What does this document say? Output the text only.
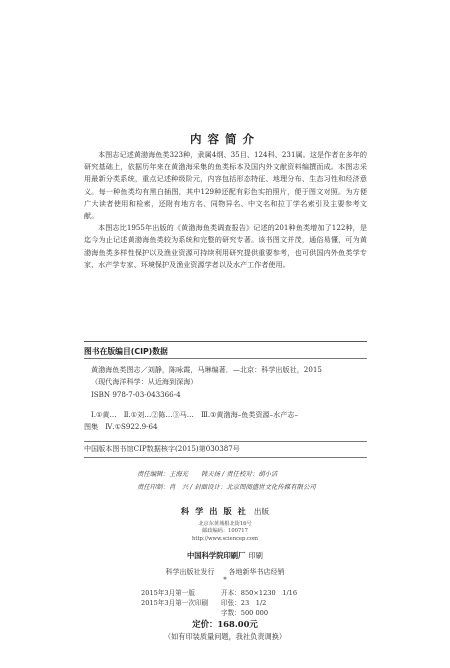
内容简介

本图志记述黄渤海鱼类323种，隶属4纲、35目、124科、231属。这是作者在多年的研究基础上，依据历年来在黄渤海采集的鱼类标本及国内外文献资料编撰而成。本图志采用最新分类系统，重点记述种级阶元，内容包括形态特征、地理分布、生态习性和经济意义。每一种鱼类均有黑白插图，其中129种还配有彩色实拍照片，便于图文对照。为方便广大读者使用和检索，还附有地方名、同物异名、中文名和拉丁学名索引及主要参考文献。

本图志比1955年出版的《黄渤海鱼类调查报告》记述的201种鱼类增加了122种，是迄今为止记述黄渤海鱼类较为系统和完整的研究专著。该书图文并茂，通俗易懂，可为黄渤海鱼类多样性保护以及渔业资源可持续利用研究提供重要参考，也可供国内外鱼类学专家、水产学专家、环境保护及渔业资源学者以及水产工作者使用。

图书在版编目(CIP)数据
黄渤海鱼类图志／刘静，陈咏霞，马琳编著．—北京：科学出版社，2015
（现代海洋科学：从近海到深海）
ISBN 978-7-03-043366-4
Ⅰ.①黄…　Ⅱ.①刘…②陈…③马…　Ⅲ.①黄渤海–鱼类资源–水产志–
图集　Ⅳ.①S922.9-64
中国版本图书馆CIP数据核字(2015)第030387号
责任编辑：王海光　　韩天扬 / 责任校对：胡小洁
责任印制：肖　兴 / 封面设计：北京图阅盛世文化传媒有限公司
科学出版社 出版
北京东黄城根北街16号
邮政编码：100717
http://www.sciencep.com
中国科学院印刷厂 印刷
科学出版社发行　　各地新华书店经销
*
2015年3月第一版	开本：850×1230　1/16
2015年3月第一次印刷 印张：23　1/2
字数：500 000
定价：168.00元
（如有印装质量问题，我社负责调换）
